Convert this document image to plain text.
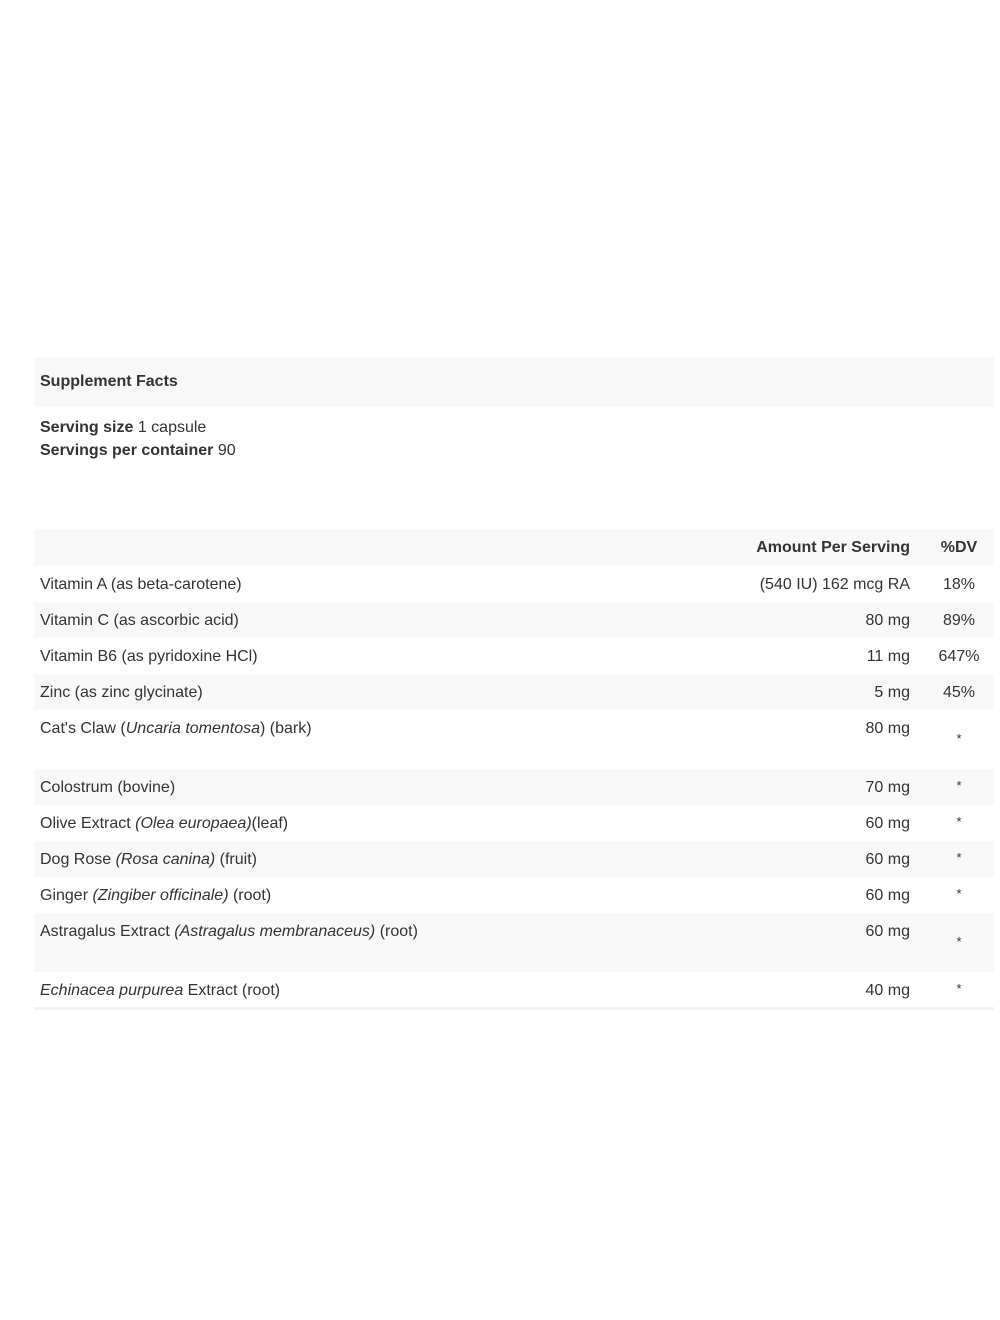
Supplement Facts
Serving size 1 capsule
Servings per container 90
	Amount Per Serving	%DV
Vitamin A (as beta-carotene)	(540 IU) 162 mcg RA	18%
Vitamin C (as ascorbic acid)	80 mg	89%
Vitamin B6 (as pyridoxine HCl)	11 mg	647%
Zinc (as zinc glycinate)	5 mg	45%
Cat's Claw (Uncaria tomentosa) (bark)	80 mg	*
Colostrum (bovine)	70 mg	*
Olive Extract (Olea europaea)(leaf)	60 mg	*
Dog Rose (Rosa canina) (fruit)	60 mg	*
Ginger (Zingiber officinale) (root)	60 mg	*
Astragalus Extract (Astragalus membranaceus) (root)	60 mg	*
Echinacea purpurea Extract (root)	40 mg	*
